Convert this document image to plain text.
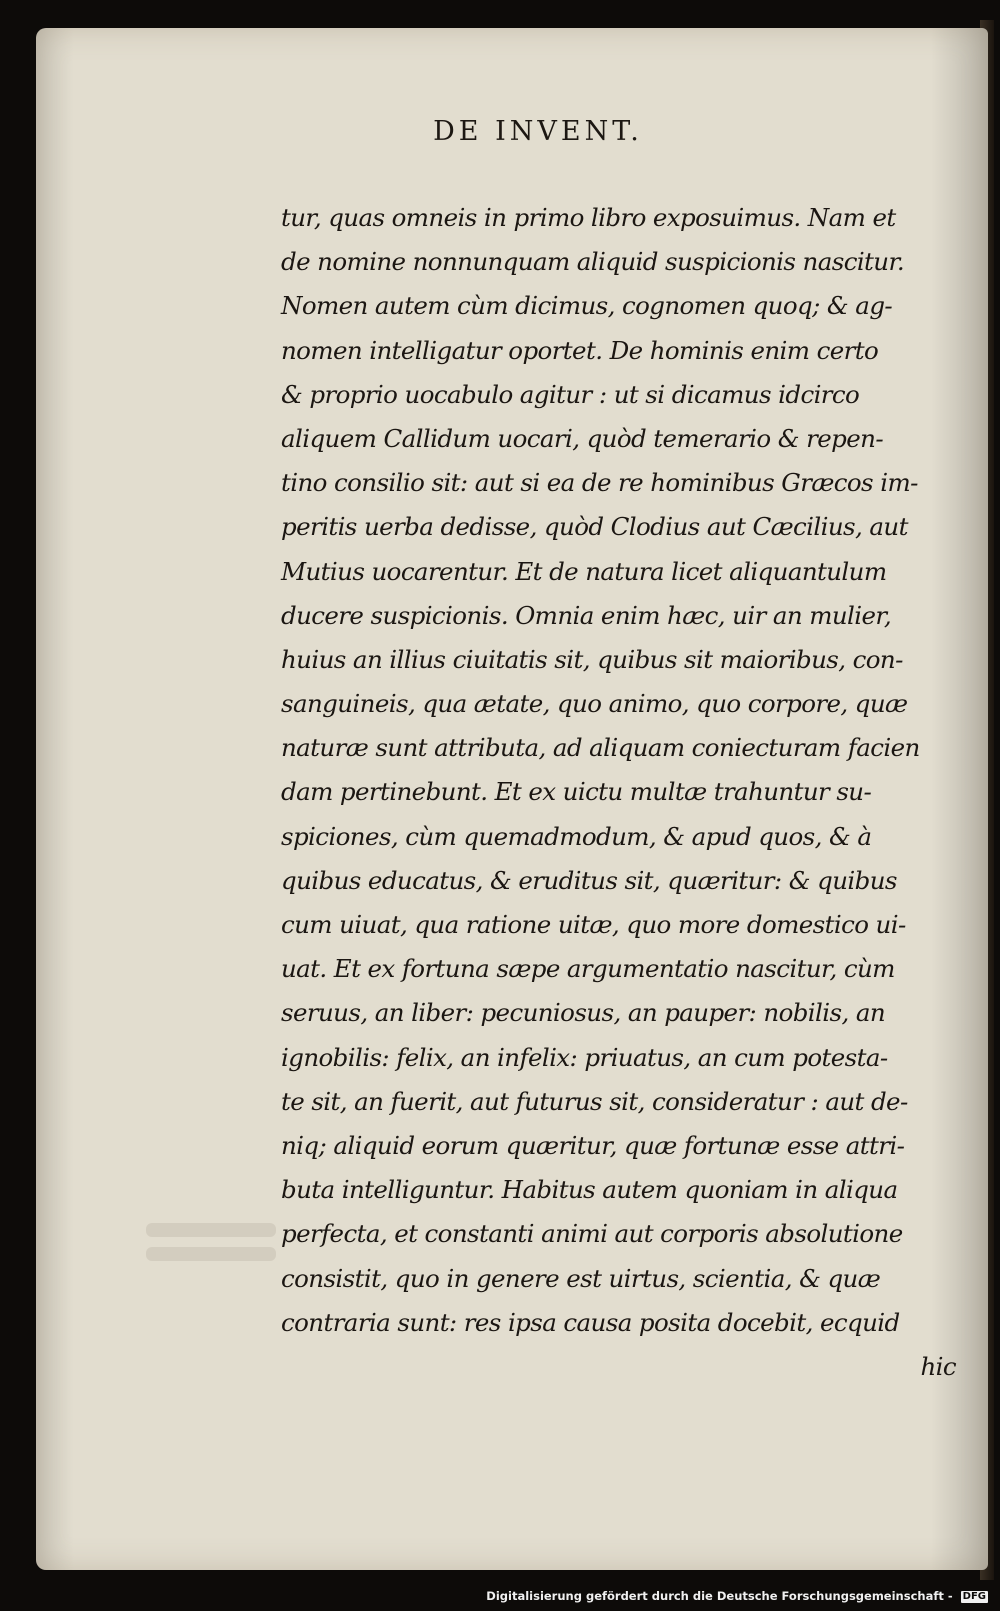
DE INVENT.
tur, quas omneis in primo libro exposuimus. Nam et
de nomine nonnunquam aliquid suspicionis nascitur.
Nomen autem cùm dicimus, cognomen quoq; & ag-
nomen intelligatur oportet. De hominis enim certo
& proprio uocabulo agitur : ut si dicamus idcirco
aliquem Callidum uocari, quòd temerario & repen-
tino consilio sit: aut si ea de re hominibus Græcos im-
peritis uerba dedisse, quòd Clodius aut Cæcilius, aut
Mutius uocarentur. Et de natura licet aliquantulum
ducere suspicionis. Omnia enim hæc, uir an mulier,
huius an illius ciuitatis sit, quibus sit maioribus, con-
sanguineis, qua ætate, quo animo, quo corpore, quæ
naturæ sunt attributa, ad aliquam coniecturam facien
dam pertinebunt. Et ex uictu multæ trahuntur su-
spiciones, cùm quemadmodum, & apud quos, & à
quibus educatus, & eruditus sit, quæritur: & quibus
cum uiuat, qua ratione uitæ, quo more domestico ui-
uat. Et ex fortuna sæpe argumentatio nascitur, cùm
seruus, an liber: pecuniosus, an pauper: nobilis, an
ignobilis: felix, an infelix: priuatus, an cum potesta-
te sit, an fuerit, aut futurus sit, consideratur : aut de-
niq; aliquid eorum quæritur, quæ fortunæ esse attri-
buta intelliguntur. Habitus autem quoniam in aliqua
perfecta, et constanti animi aut corporis absolutione
consistit, quo in genere est uirtus, scientia, & quæ
contraria sunt: res ipsa causa posita docebit, ecquid
hic
Digitalisierung gefördert durch die Deutsche Forschungsgemeinschaft - DFG
